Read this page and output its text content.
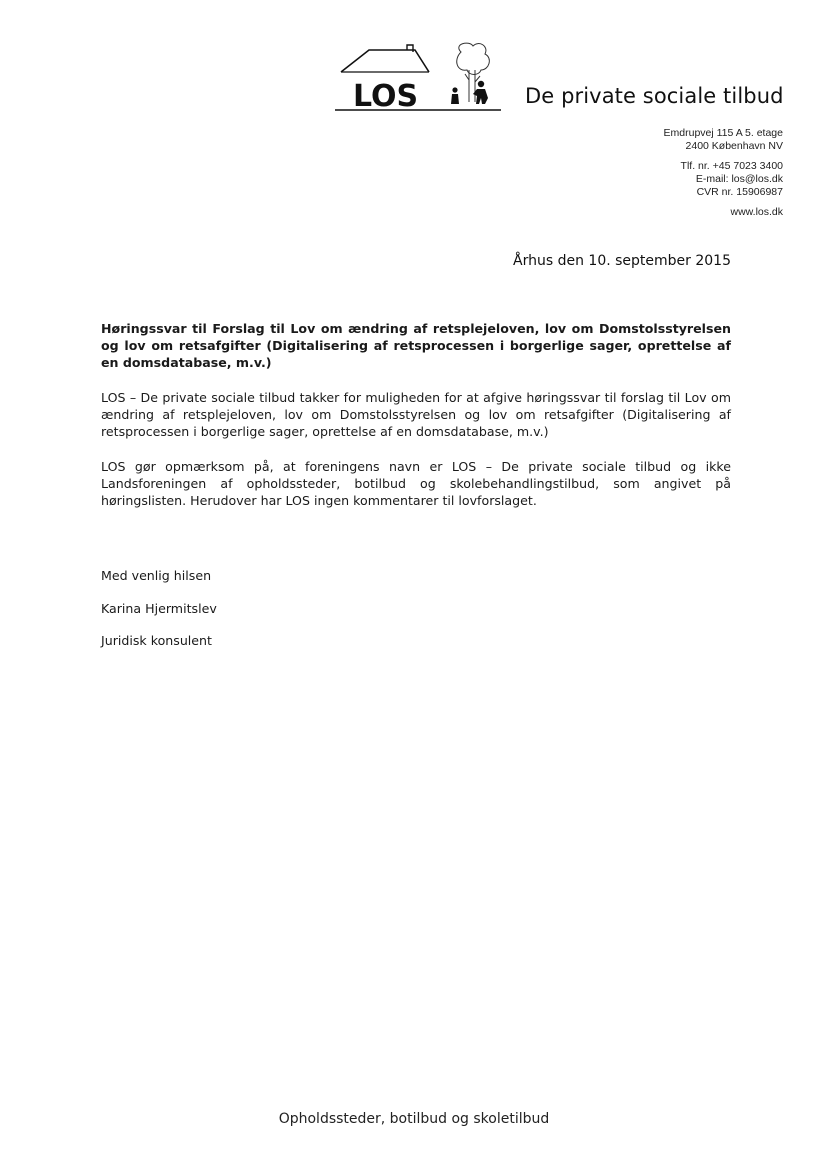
LOS	De private sociale tilbud
Emdrupvej 115 A 5. etage
2400 København NV
Tlf. nr. +45 7023 3400
E-mail: los@los.dk
CVR nr. 15906987
www.los.dk
Århus den 10. september 2015

Høringssvar til Forslag til Lov om ændring af retsplejeloven, lov om Domstolsstyrelsen og lov om retsafgifter (Digitalisering af retsprocessen i borgerlige sager, oprettelse af en domsdatabase, m.v.)

LOS – De private sociale tilbud takker for muligheden for at afgive høringssvar til forslag til Lov om ændring af retsplejeloven, lov om Domstolsstyrelsen og lov om retsafgifter (Digitalisering af retsprocessen i borgerlige sager, oprettelse af en domsdatabase, m.v.)

LOS gør opmærksom på, at foreningens navn er LOS – De private sociale tilbud og ikke Landsforeningen af opholdssteder, botilbud og skolebehandlingstilbud, som angivet på høringslisten. Herudover har LOS ingen kommentarer til lovforslaget.

Med venlig hilsen
Karina Hjermitslev
Juridisk konsulent
Opholdssteder, botilbud og skoletilbud
